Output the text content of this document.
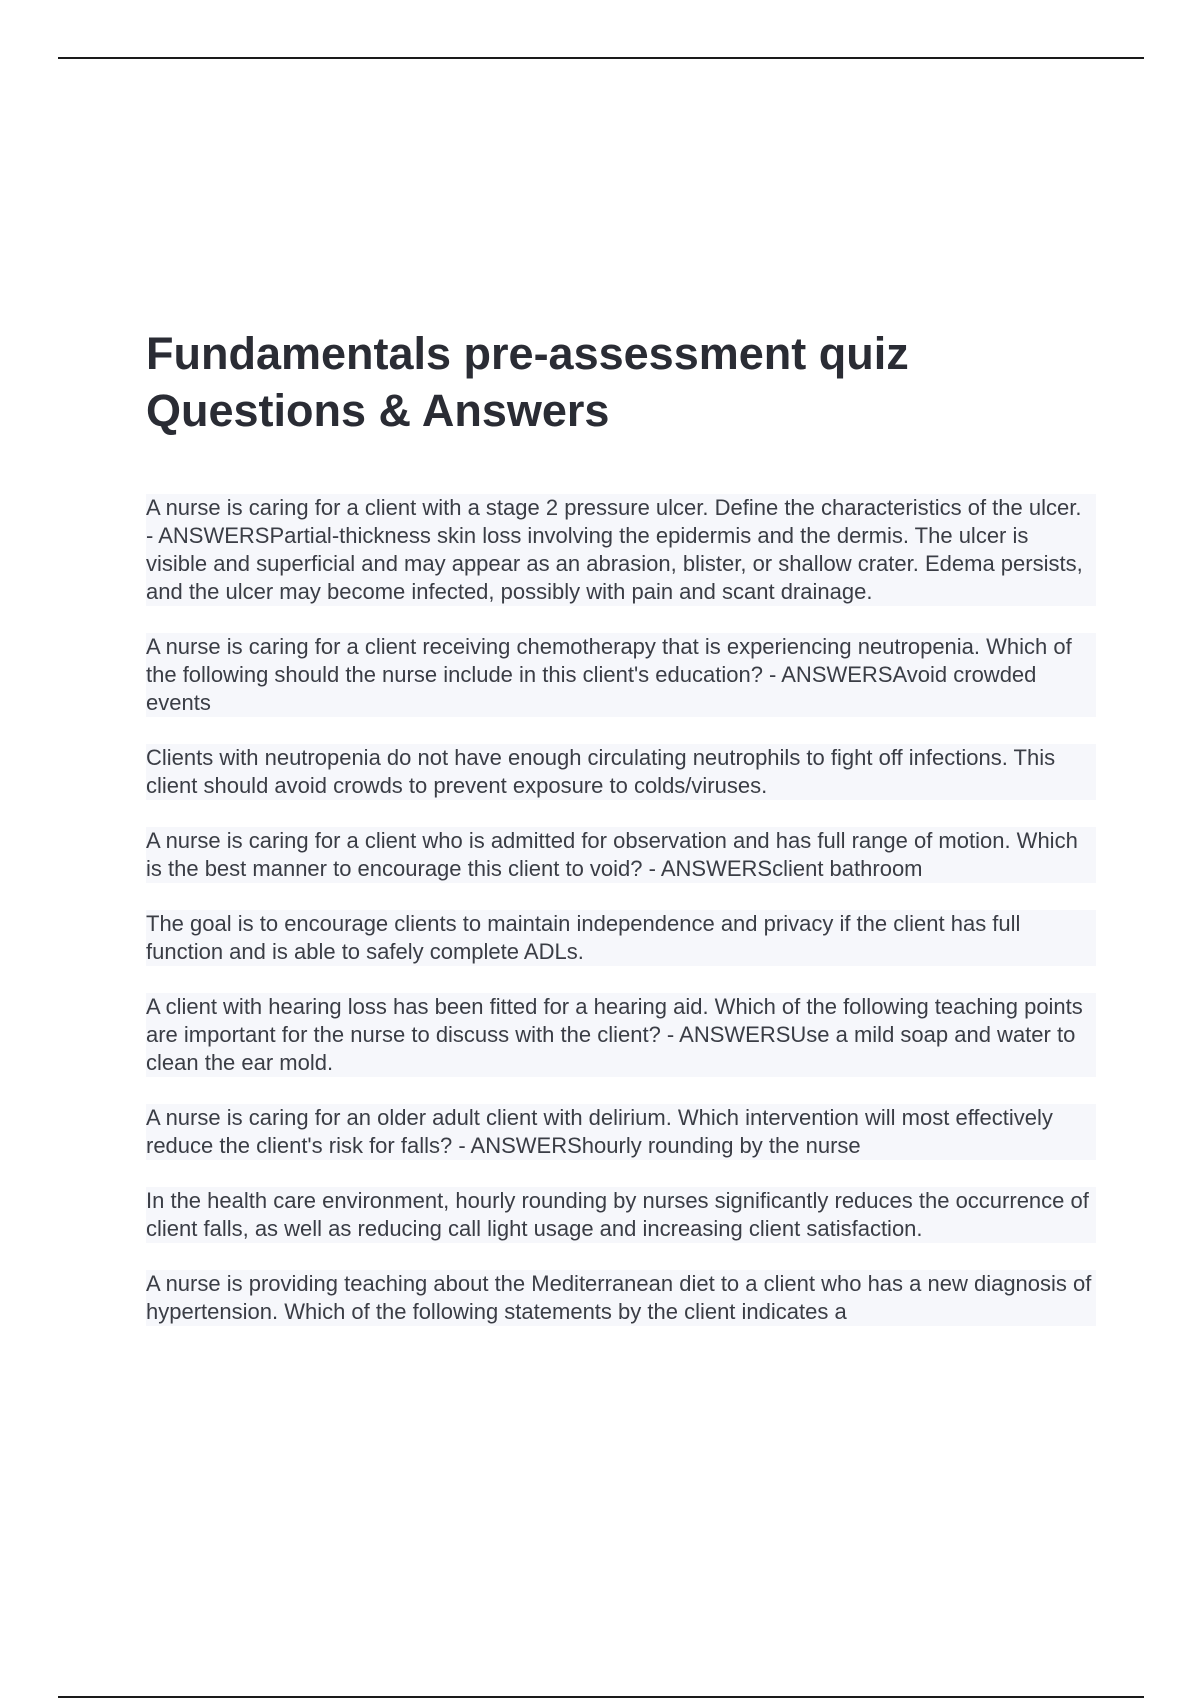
Fundamentals pre-assessment quiz
Questions & Answers

A nurse is caring for a client with a stage 2 pressure ulcer. Define the characteristics of the ulcer. - ANSWERSPartial-thickness skin loss involving the epidermis and the dermis. The ulcer is visible and superficial and may appear as an abrasion, blister, or shallow crater. Edema persists, and the ulcer may become infected, possibly with pain and scant drainage.

A nurse is caring for a client receiving chemotherapy that is experiencing neutropenia. Which of the following should the nurse include in this client's education? - ANSWERSAvoid crowded events

Clients with neutropenia do not have enough circulating neutrophils to fight off infections. This client should avoid crowds to prevent exposure to colds/viruses.

A nurse is caring for a client who is admitted for observation and has full range of motion. Which is the best manner to encourage this client to void? - ANSWERSclient bathroom

The goal is to encourage clients to maintain independence and privacy if the client has full function and is able to safely complete ADLs.

A client with hearing loss has been fitted for a hearing aid. Which of the following teaching points are important for the nurse to discuss with the client? - ANSWERSUse a mild soap and water to clean the ear mold.

A nurse is caring for an older adult client with delirium. Which intervention will most effectively reduce the client's risk for falls? - ANSWERShourly rounding by the nurse

In the health care environment, hourly rounding by nurses significantly reduces the occurrence of client falls, as well as reducing call light usage and increasing client satisfaction.

A nurse is providing teaching about the Mediterranean diet to a client who has a new diagnosis of hypertension. Which of the following statements by the client indicates a
